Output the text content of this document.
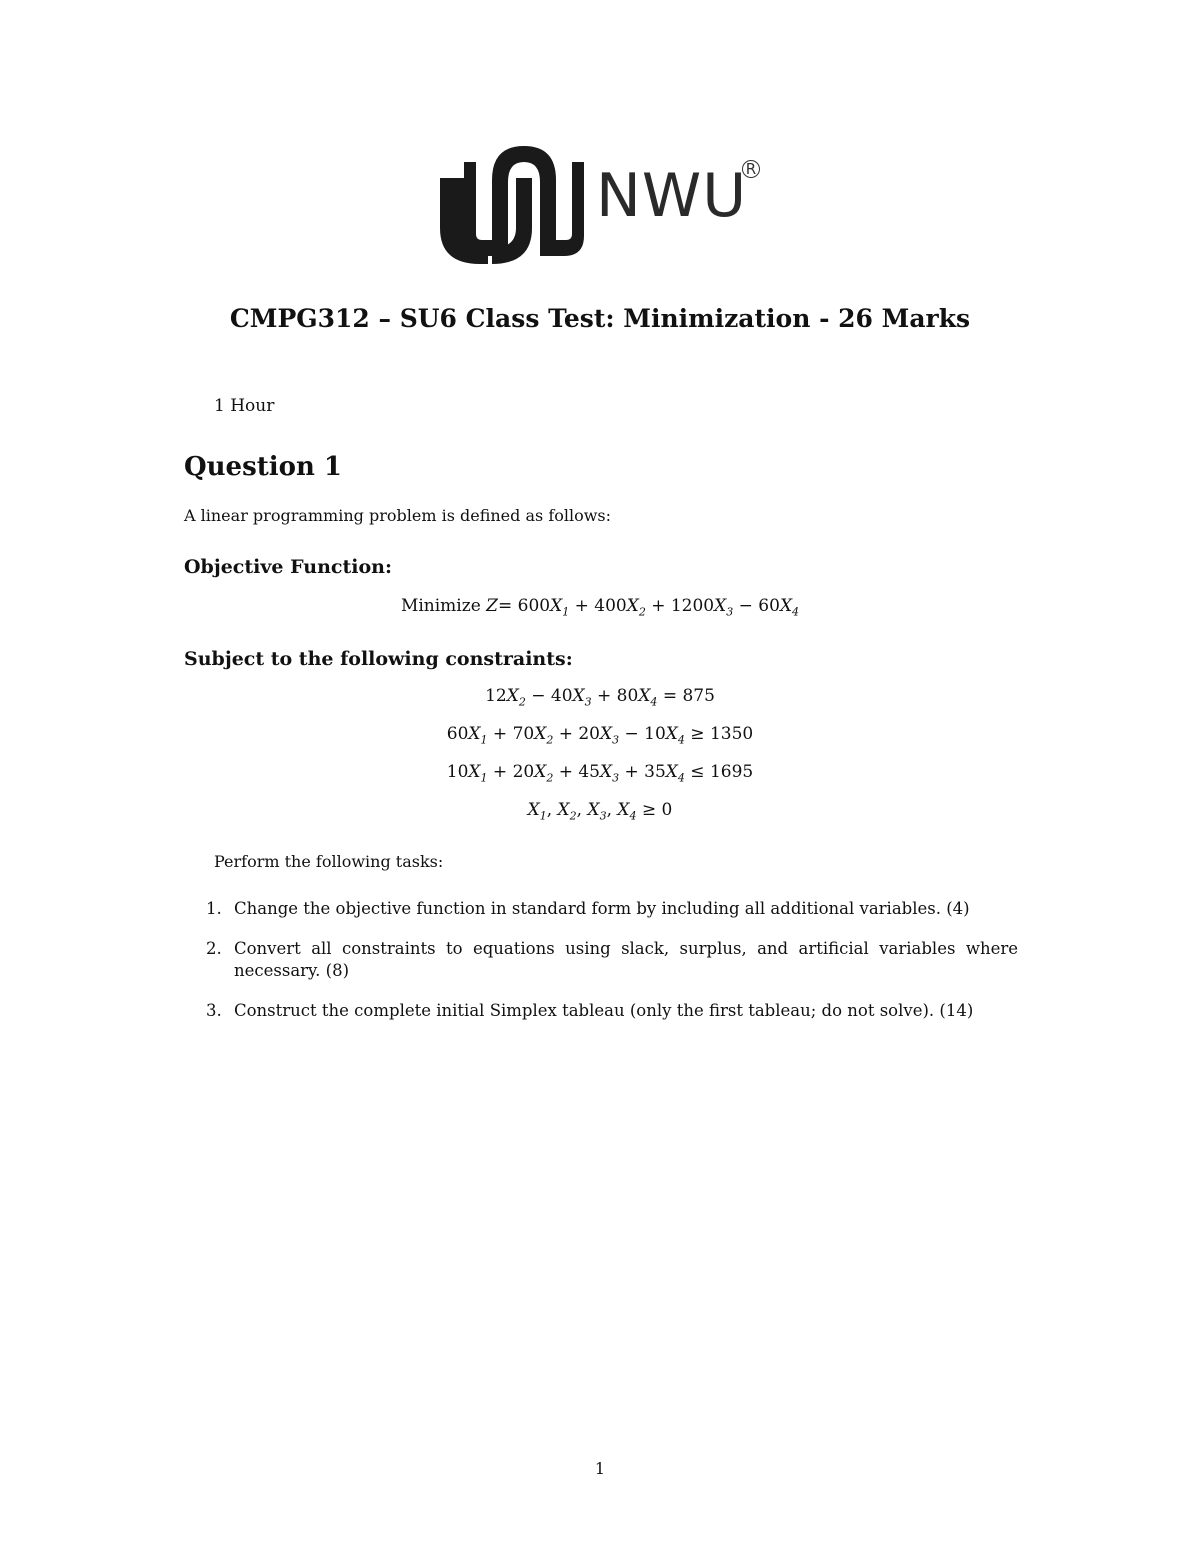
NWU
R
CMPG312 – SU6 Class Test: Minimization - 26 Marks
1 Hour
Question 1
A linear programming problem is defined as follows:
Objective Function:
Minimize $Z= 600X_1 + 400X_2 + 1200X_3 - 60X_4$
Subject to the following constraints:
$12X_2 - 40X_3 + 80X_4 = 875$
$60X_1 + 70X_2 + 20X_3 - 10X_4 \ge 1350$
$10X_1 + 20X_2 + 45X_3 + 35X_4 \le 1695$
$X_1$, $X_2$, $X_3$, $X_4 \ge 0$
Perform the following tasks:
1. Change the objective function in standard form by including all additional variables. (4)
2. Convert all constraints to equations using slack, surplus, and artificial variables where necessary. (8)
3. Construct the complete initial Simplex tableau (only the first tableau; do not solve). (14)
1
